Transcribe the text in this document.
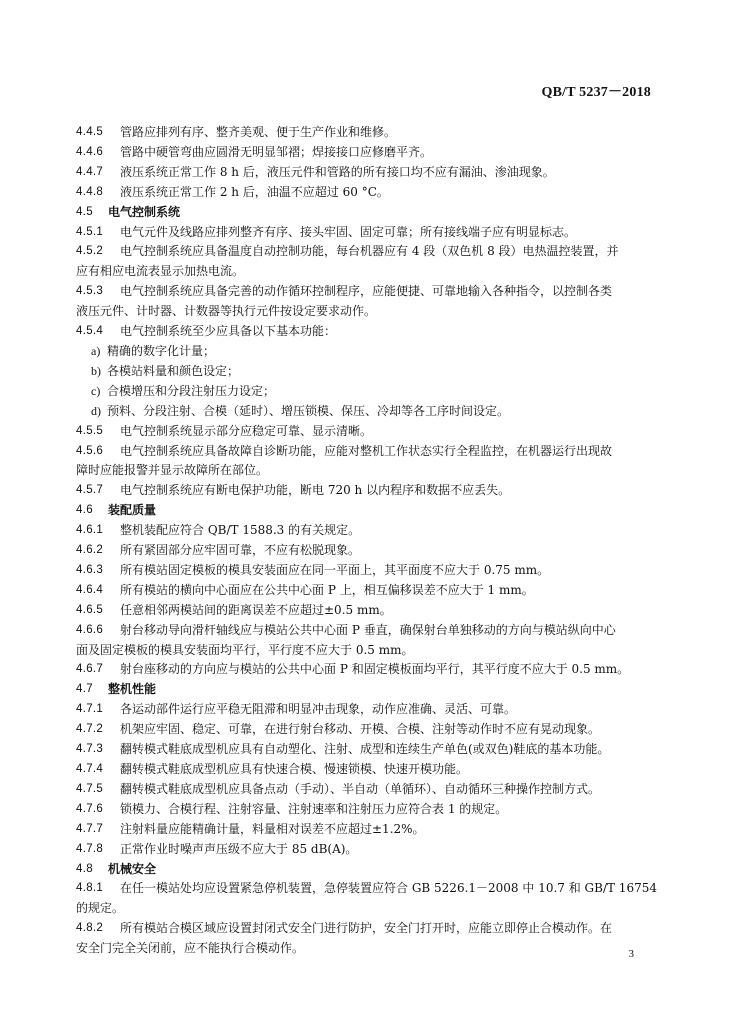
QB/T 5237－2018
4.4.5	管路应排列有序、整齐美观、便于生产作业和维修。
4.4.6	管路中硬管弯曲应圆滑无明显邹褶；焊接接口应修磨平齐。
4.4.7	液压系统正常工作 8 h 后，液压元件和管路的所有接口均不应有漏油、渗油现象。
4.4.8	液压系统正常工作 2 h 后，油温不应超过 60 °C。
4.5	电气控制系统
4.5.1	电气元件及线路应排列整齐有序、接头牢固、固定可靠；所有接线端子应有明显标志。
4.5.2	电气控制系统应具备温度自动控制功能，每台机器应有 4 段（双色机 8 段）电热温控装置，并
应有相应电流表显示加热电流。
4.5.3	电气控制系统应具备完善的动作循环控制程序，应能便捷、可靠地输入各种指令，以控制各类
液压元件、计时器、计数器等执行元件按设定要求动作。
4.5.4	电气控制系统至少应具备以下基本功能：
a) 精确的数字化计量；
b) 各模站料量和颜色设定；
c) 合模增压和分段注射压力设定；
d) 预料、分段注射、合模（延时）、增压锁模、保压、冷却等各工序时间设定。
4.5.5	电气控制系统显示部分应稳定可靠、显示清晰。
4.5.6	电气控制系统应具备故障自诊断功能，应能对整机工作状态实行全程监控，在机器运行出现故
障时应能报警并显示故障所在部位。
4.5.7	电气控制系统应有断电保护功能，断电 720 h 以内程序和数据不应丢失。
4.6	装配质量
4.6.1	整机装配应符合 QB/T 1588.3 的有关规定。
4.6.2	所有紧固部分应牢固可靠，不应有松脱现象。
4.6.3	所有模站固定模板的模具安装面应在同一平面上，其平面度不应大于 0.75 mm。
4.6.4	所有模站的横向中心面应在公共中心面 P 上，相互偏移误差不应大于 1 mm。
4.6.5	任意相邻两模站间的距离误差不应超过±0.5 mm。
4.6.6	射台移动导向滑杆轴线应与模站公共中心面 P 垂直，确保射台单独移动的方向与模站纵向中心
面及固定模板的模具安装面均平行，平行度不应大于 0.5 mm。
4.6.7	射台座移动的方向应与模站的公共中心面 P 和固定模板面均平行，其平行度不应大于 0.5 mm。
4.7	整机性能
4.7.1	各运动部件运行应平稳无阻滞和明显冲击现象，动作应准确、灵活、可靠。
4.7.2	机架应牢固、稳定、可靠，在进行射台移动、开模、合模、注射等动作时不应有晃动现象。
4.7.3	翻转模式鞋底成型机应具有自动塑化、注射、成型和连续生产单色(或双色)鞋底的基本功能。
4.7.4	翻转模式鞋底成型机应具有快速合模、慢速锁模、快速开模功能。
4.7.5	翻转模式鞋底成型机应具备点动（手动）、半自动（单循环）、自动循环三种操作控制方式。
4.7.6	锁模力、合模行程、注射容量、注射速率和注射压力应符合表 1 的规定。
4.7.7	注射料量应能精确计量，料量相对误差不应超过±1.2%。
4.7.8	正常作业时噪声声压级不应大于 85 dB(A)。
4.8	机械安全
4.8.1	在任一模站处均应设置紧急停机装置，急停装置应符合 GB 5226.1－2008 中 10.7 和 GB/T 16754
的规定。
4.8.2	所有模站合模区域应设置封闭式安全门进行防护，安全门打开时，应能立即停止合模动作。在
安全门完全关闭前，应不能执行合模动作。	3
